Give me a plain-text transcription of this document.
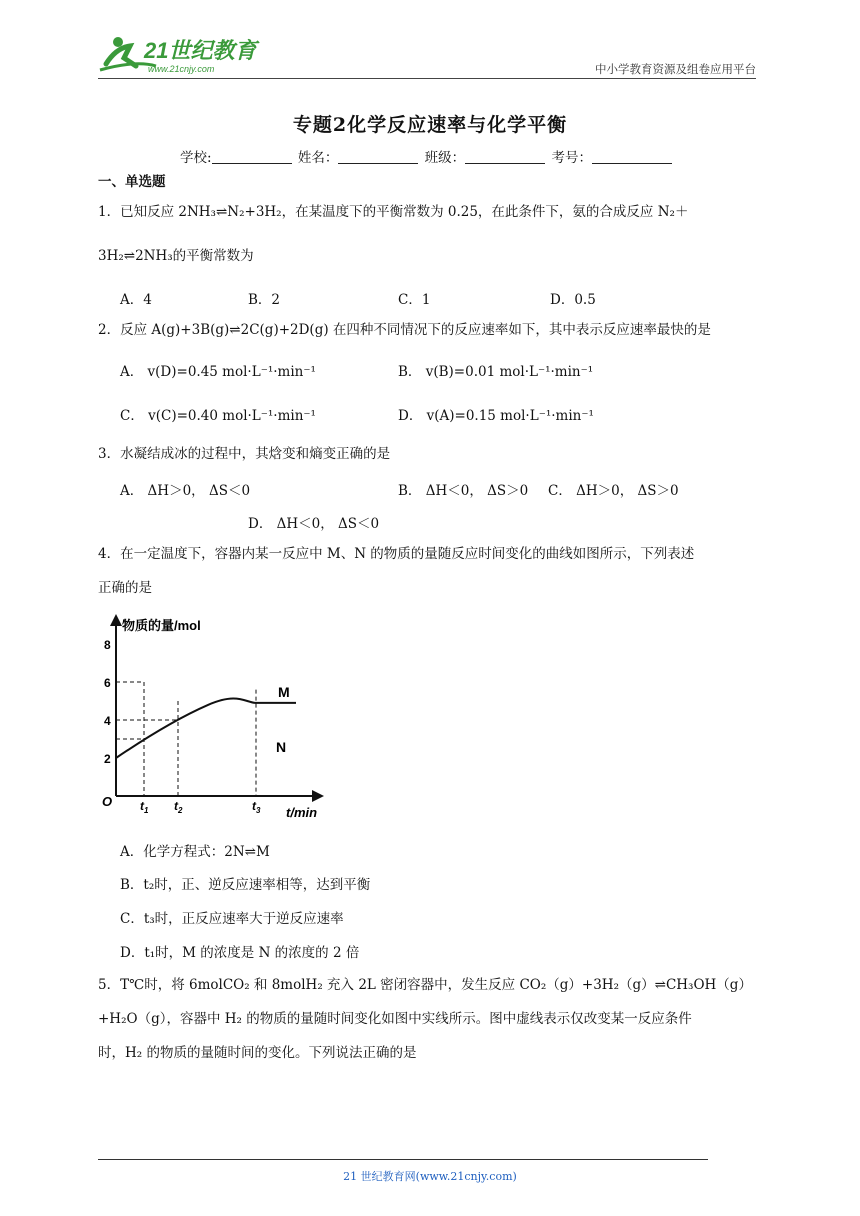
21世纪教育
www.21cnjy.com	中小学教育资源及组卷应用平台
专题2化学反应速率与化学平衡
学校:	姓名：	班级：	考号：
一、单选题
1．已知反应 2NH₃⇌N₂+3H₂，在某温度下的平衡常数为 0.25，在此条件下，氨的合成反应 N₂＋
3H₂⇌2NH₃的平衡常数为
A．4	B．2	C．1	D．0.5
2．反应 A(g)+3B(g)⇌2C(g)+2D(g) 在四种不同情况下的反应速率如下，其中表示反应速率最快的是
A． v(D)=0.45 mol·L⁻¹·min⁻¹	B． v(B)=0.01 mol·L⁻¹·min⁻¹
C． v(C)=0.40 mol·L⁻¹·min⁻¹	D． v(A)=0.15 mol·L⁻¹·min⁻¹
3．水凝结成冰的过程中，其焓变和熵变正确的是
A． ΔH＞0， ΔS＜0	B． ΔH＜0， ΔS＞0 C． ΔH＞0， ΔS＞0
D． ΔH＜0， ΔS＜0
4．在一定温度下，容器内某一反应中 M、N 的物质的量随反应时间变化的曲线如图所示，下列表述
正确的是
物质的量/mol
t/min
O
2
4
6
8
$t_1$ $t_2$	$t_3$
M
N
A．化学方程式：2N⇌M
B．t₂时，正、逆反应速率相等，达到平衡
C．t₃时，正反应速率大于逆反应速率
D．t₁时，M 的浓度是 N 的浓度的 2 倍
5．T℃时，将 6molCO₂ 和 8molH₂ 充入 2L 密闭容器中，发生反应 CO₂（g）+3H₂（g）⇌CH₃OH（g）
+H₂O（g），容器中 H₂ 的物质的量随时间变化如图中实线所示。图中虚线表示仅改变某一反应条件
时，H₂ 的物质的量随时间的变化。下列说法正确的是
21 世纪教育网(www.21cnjy.com)
